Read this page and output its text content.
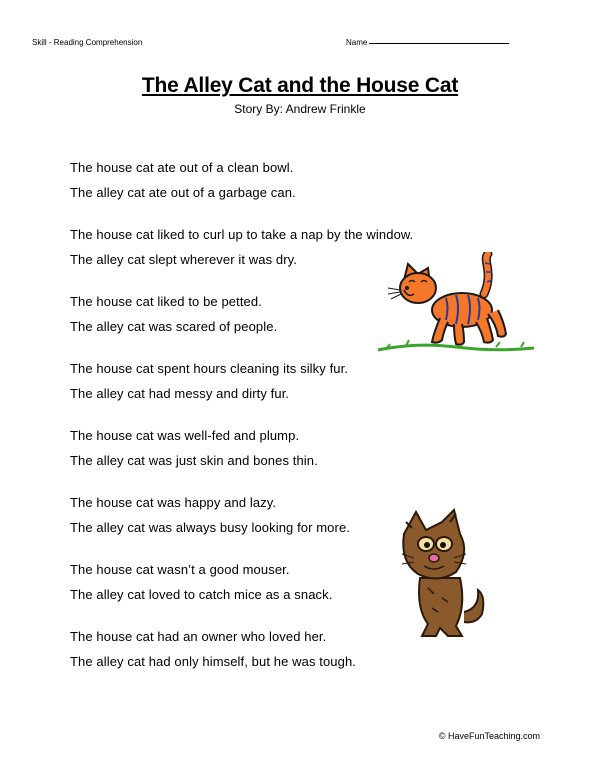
Skill - Reading Comprehension	Name
The Alley Cat and the House Cat
Story By: Andrew Frinkle
The house cat ate out of a clean bowl.
The alley cat ate out of a garbage can.
The house cat liked to curl up to take a nap by the window.
The alley cat slept wherever it was dry.
The house cat liked to be petted.
The alley cat was scared of people.
The house cat spent hours cleaning its silky fur.
The alley cat had messy and dirty fur.
The house cat was well-fed and plump.
The alley cat was just skin and bones thin.
The house cat was happy and lazy.
The alley cat was always busy looking for more.
The house cat wasn’t a good mouser.
The alley cat loved to catch mice as a snack.
The house cat had an owner who loved her.
The alley cat had only himself, but he was tough.
© HaveFunTeaching.com
